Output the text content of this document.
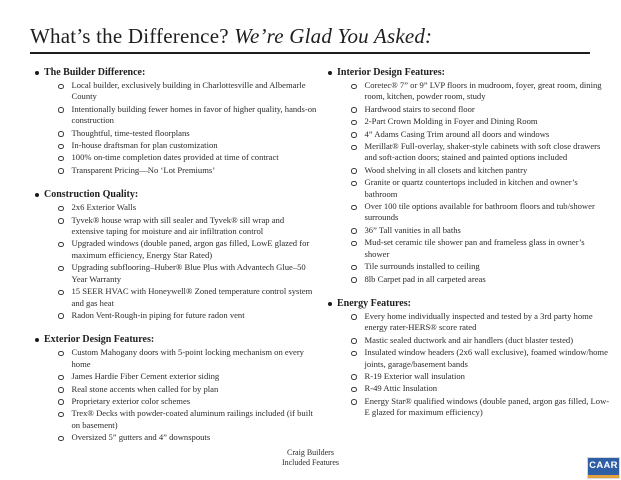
What’s the Difference? We’re Glad You Asked:
The Builder Difference:
Local builder, exclusively building in Charlottesville and Albemarle County
Intentionally building fewer homes in favor of higher quality, hands-on construction
Thoughtful, time-tested floorplans
In-house draftsman for plan customization
100% on-time completion dates provided at time of contract
Transparent Pricing—No ‘Lot Premiums’
Construction Quality:
2x6 Exterior Walls
Tyvek® house wrap with sill sealer and Tyvek® sill wrap and extensive taping for moisture and air infiltration control
Upgraded windows (double paned, argon gas filled, LowE glazed for maximum efficiency, Energy Star Rated)
Upgrading subflooring–Huber® Blue Plus with Advantech Glue–50 Year Warranty
15 SEER HVAC with Honeywell® Zoned temperature control system and gas heat
Radon Vent-Rough-in piping for future radon vent
Exterior Design Features:
Custom Mahogany doors with 5-point locking mechanism on every home
James Hardie Fiber Cement exterior siding
Real stone accents when called for by plan
Proprietary exterior color schemes
Trex® Decks with powder-coated aluminum railings included (if built on basement)
Oversized 5” gutters and 4” downspouts
Interior Design Features:
Coretec® 7” or 9” LVP floors in mudroom, foyer, great room, dining room, kitchen, powder room, study
Hardwood stairs to second floor
2-Part Crown Molding in Foyer and Dining Room
4” Adams Casing Trim around all doors and windows
Merillat® Full-overlay, shaker-style cabinets with soft close drawers and soft-action doors; stained and painted options included
Wood shelving in all closets and kitchen pantry
Granite or quartz countertops included in kitchen and owner’s bathroom
Over 100 tile options available for bathroom floors and tub/shower surrounds
36” Tall vanities in all baths
Mud-set ceramic tile shower pan and frameless glass in owner’s shower
Tile surrounds installed to ceiling
8lb Carpet pad in all carpeted areas
Energy Features:
Every home individually inspected and tested by a 3rd party home energy rater-HERS® score rated
Mastic sealed ductwork and air handlers (duct blaster tested)
Insulated window headers (2x6 wall exclusive), foamed window/home joints, garage/basement bands
R-19 Exterior wall insulation
R-49 Attic Insulation
Energy Star® qualified windows (double paned, argon gas filled, Low-E glazed for maximum efficiency)
Craig Builders
Included Features	CAAR
